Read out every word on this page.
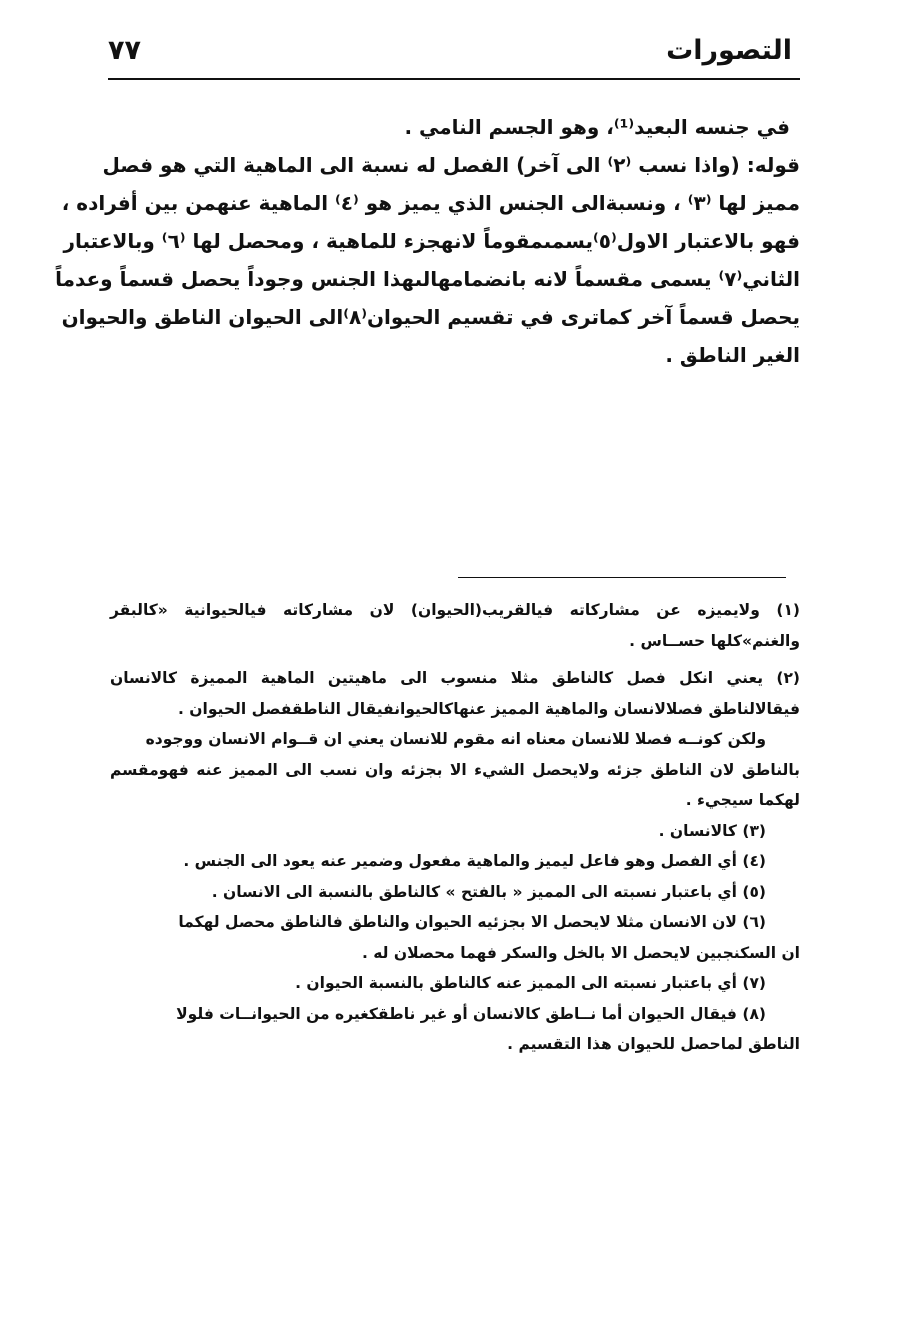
التصورات
٧٧
في جنسه البعيد⁽¹⁾، وهو الجسم النامي .
قوله: (واذا نسب ⁽٢⁾ الى آخر) الفصل له نسبة الى الماهية التي هو فصل
مميز لها ⁽٣⁾ ، ونسبةالى الجنس الذي يميز هو ⁽٤⁾ الماهية عنهمن بين أفراده ،
فهو بالاعتبار الاول⁽٥⁾يسمىمقوماً لانهجزء للماهية ، ومحصل لها ⁽٦⁾ وبالاعتبار
الثاني⁽٧⁾ يسمى مقسماً لانه بانضمامهالىهذا الجنس وجوداً يحصل قسماً وعدماً
يحصل قسماً آخر كماترى في تقسيم الحيوان⁽٨⁾الى الحيوان الناطق والحيوان
الغير الناطق .
(١) ولايميزه عن مشاركاته فيالقريب(الحيوان) لان مشاركاته فيالحيوانية «كالبقر
والغنم»كلها حســاس .
(٢) يعني انكل فصل كالناطق مثلا منسوب الى ماهيتين الماهية المميزة كالانسان
فيقالالناطق فصلالانسان والماهية المميز عنهاكالحيوانفيقال الناطقفصل الحيوان .
ولكن كونــه فصلا للانسان معناه انه مقوم للانسان يعني ان قــوام الانسان ووجوده
بالناطق لان الناطق جزئه ولايحصل الشيء الا بجزئه وان نسب الى المميز عنه فهومقسم
لهكما سيجيء .
(٣) كالانسان .
(٤) أي الفصل وهو فاعل ليميز والماهية مفعول وضمير عنه يعود الى الجنس .
(٥) أي باعتبار نسبته الى المميز « بالفتح » كالناطق بالنسبة الى الانسان .
(٦) لان الانسان مثلا لايحصل الا بجزئيه الحيوان والناطق فالناطق محصل لهكما
ان السكنجبين لايحصل الا بالخل والسكر فهما محصلان له .
(٧) أي باعتبار نسبته الى المميز عنه كالناطق بالنسبة الحيوان .
(٨) فيقال الحيوان أما نــاطق كالانسان أو غير ناطقكغيره من الحيوانــات فلولا
الناطق لماحصل للحيوان هذا التقسيم .
